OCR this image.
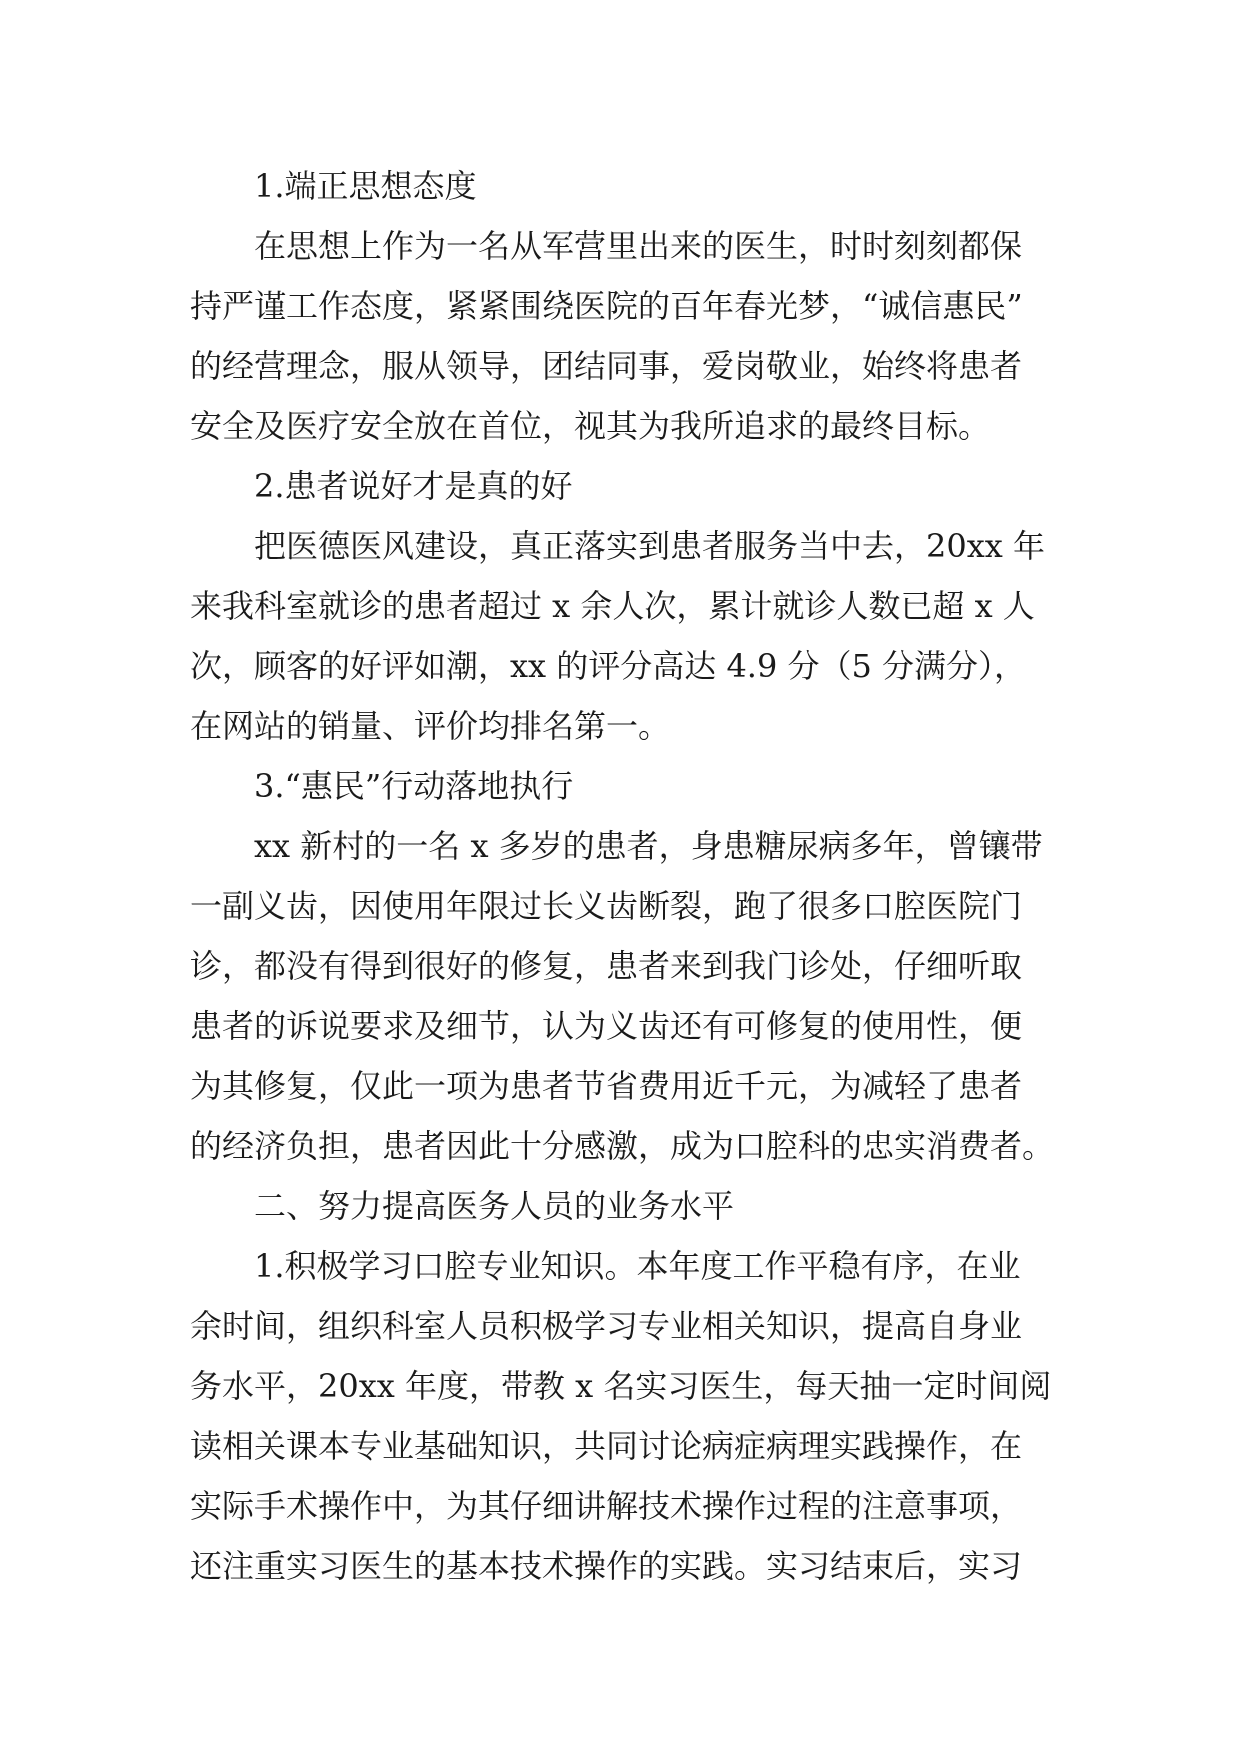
1.端正思想态度
在思想上作为一名从军营里出来的医生，时时刻刻都保
持严谨工作态度，紧紧围绕医院的百年春光梦，“诚信惠民”
的经营理念，服从领导，团结同事，爱岗敬业，始终将患者
安全及医疗安全放在首位，视其为我所追求的最终目标。
2.患者说好才是真的好
把医德医风建设，真正落实到患者服务当中去，20xx 年
来我科室就诊的患者超过 x 余人次，累计就诊人数已超 x 人
次，顾客的好评如潮，xx 的评分高达 4.9 分（5 分满分），
在网站的销量、评价均排名第一。
3.“惠民”行动落地执行
xx 新村的一名 x 多岁的患者，身患糖尿病多年，曾镶带
一副义齿，因使用年限过长义齿断裂，跑了很多口腔医院门
诊，都没有得到很好的修复，患者来到我门诊处，仔细听取
患者的诉说要求及细节，认为义齿还有可修复的使用性，便
为其修复，仅此一项为患者节省费用近千元，为减轻了患者
的经济负担，患者因此十分感激，成为口腔科的忠实消费者。
二、努力提高医务人员的业务水平
1.积极学习口腔专业知识。本年度工作平稳有序，在业
余时间，组织科室人员积极学习专业相关知识，提高自身业
务水平，20xx 年度，带教 x 名实习医生，每天抽一定时间阅
读相关课本专业基础知识，共同讨论病症病理实践操作，在
实际手术操作中，为其仔细讲解技术操作过程的注意事项，
还注重实习医生的基本技术操作的实践。实习结束后，实习
